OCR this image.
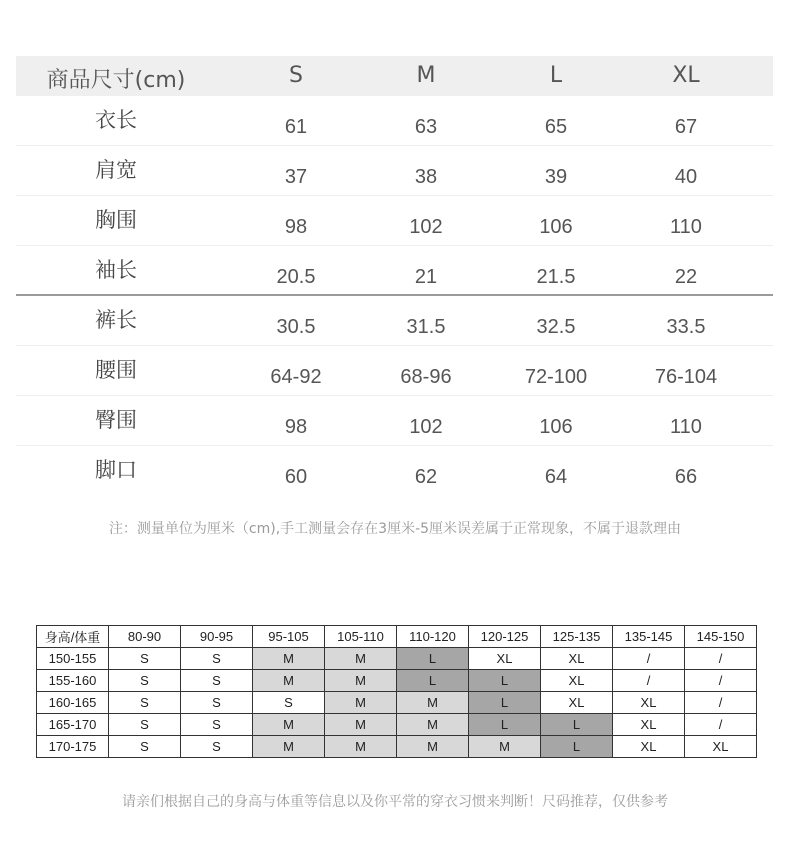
商品尺寸(cm)	S	M	L	XL
衣长	61	63	65	67
肩宽	37	38	39	40
胸围	98	102	106	110
袖长	20.5	21	21.5	22
裤长	30.5	31.5	32.5	33.5
腰围	64-92	68-96	72-100	76-104
臀围	98	102	106	110
脚口	60	62	64	66
注：测量单位为厘米（cm),手工测量会存在3厘米-5厘米误差属于正常现象，不属于退款理由
身高/体重	80-90	90-95	95-105	105-110	110-120	120-125	125-135	135-145	145-150
150-155	S	S	M	M	L	XL	XL	/	/
155-160	S	S	M	M	L	L	XL	/	/
160-165	S	S	S	M	M	L	XL	XL	/
165-170	S	S	M	M	M	L	L	XL	/
170-175	S	S	M	M	M	M	L	XL	XL
请亲们根据自己的身高与体重等信息以及你平常的穿衣习惯来判断！尺码推荐，仅供参考
